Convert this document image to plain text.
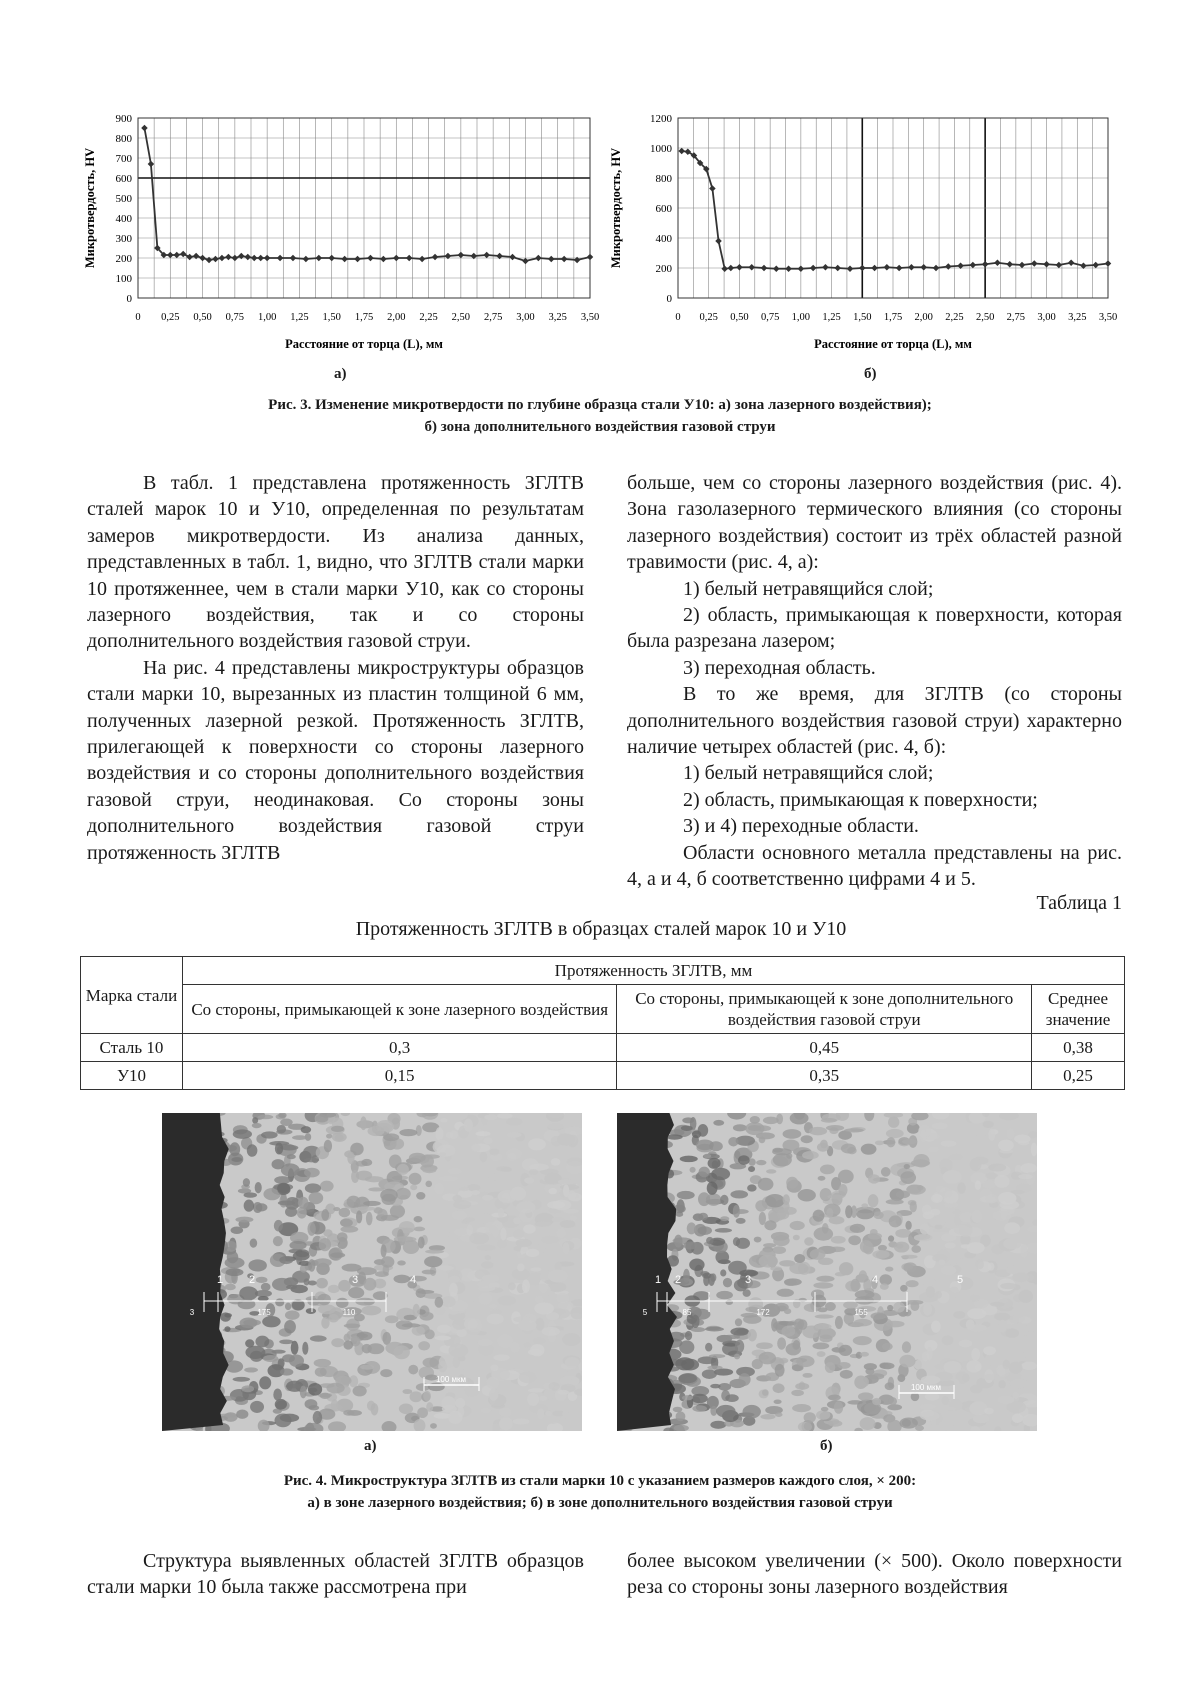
0
100
200
300
400
500
600
700
800
900
0 0,25 0,50 0,75 1,00 1,25 1,50 1,75 2,00 2,25 2,50 2,75 3,00 3,25 3,50
Микротвердость, HV
Расстояние от торца (L), мм
0
200
400
600
800
1000
1200
0 0,25 0,50 0,75 1,00 1,25 1,50 1,75 2,00 2,25 2,50 2,75 3,00 3,25 3,50
Микротвердость, HV
Расстояние от торца (L), мм
а)	б)
Рис. 3. Изменение микротвердости по глубине образца стали У10: а) зона лазерного воздействия);
б) зона дополнительного воздействия газовой струи

В табл. 1 представлена протяженность ЗГЛТВ сталей марок 10 и У10, определенная по результатам замеров микротвердости. Из анализа данных, представленных в табл. 1, видно, что ЗГЛТВ стали марки 10 протяженнее, чем в стали марки У10, как со стороны лазерного воздействия, так и со стороны дополнительного воздействия газовой струи.

На рис. 4 представлены микроструктуры образцов стали марки 10, вырезанных из пластин толщиной 6 мм, полученных лазерной резкой. Протяженность ЗГЛТВ, прилегающей к поверхности со стороны лазерного воздействия и со стороны дополнительного воздействия газовой струи, неодинаковая. Со стороны зоны дополнительного воздействия газовой струи протяженность ЗГЛТВ

больше, чем со стороны лазерного воздействия (рис. 4). Зона газолазерного термического влияния (со стороны лазерного воздействия) состоит из трёх областей разной травимости (рис. 4, а):

1) белый нетравящийся слой;

2) область, примыкающая к поверхности, которая была разрезана лазером;

3) переходная область.

В то же время, для ЗГЛТВ (со стороны дополнительного воздействия газовой струи) характерно наличие четырех областей (рис. 4, б):

1) белый нетравящийся слой;

2) область, примыкающая к поверхности;

3) и 4) переходные области.

Области основного металла представлены на рис. 4, а и 4, б соответственно цифрами 4 и 5.

Таблица 1
Протяженность ЗГЛТВ в образцах сталей марок 10 и У10
Марка стали	Протяженность ЗГЛТВ, мм		
	Со стороны, примыкающей к зоне лазерного воздействия	Со стороны, примыкающей к зоне дополнительного воздействия газовой струи	Среднее значение
Сталь 10	0,3	0,45	0,38
У10	0,15	0,35	0,25
1 2	3	4
3	175	110
100 мкм
1 2	3	4	5
5	85	172	155
100 мкм
а)	б)
Рис. 4. Микроструктура ЗГЛТВ из стали марки 10 с указанием размеров каждого слоя, × 200:
а) в зоне лазерного воздействия; б) в зоне дополнительного воздействия газовой струи

Структура выявленных областей ЗГЛТВ образцов стали марки 10 была также рассмотрена при

более высоком увеличении (× 500). Около поверхности реза со стороны зоны лазерного воздействия
